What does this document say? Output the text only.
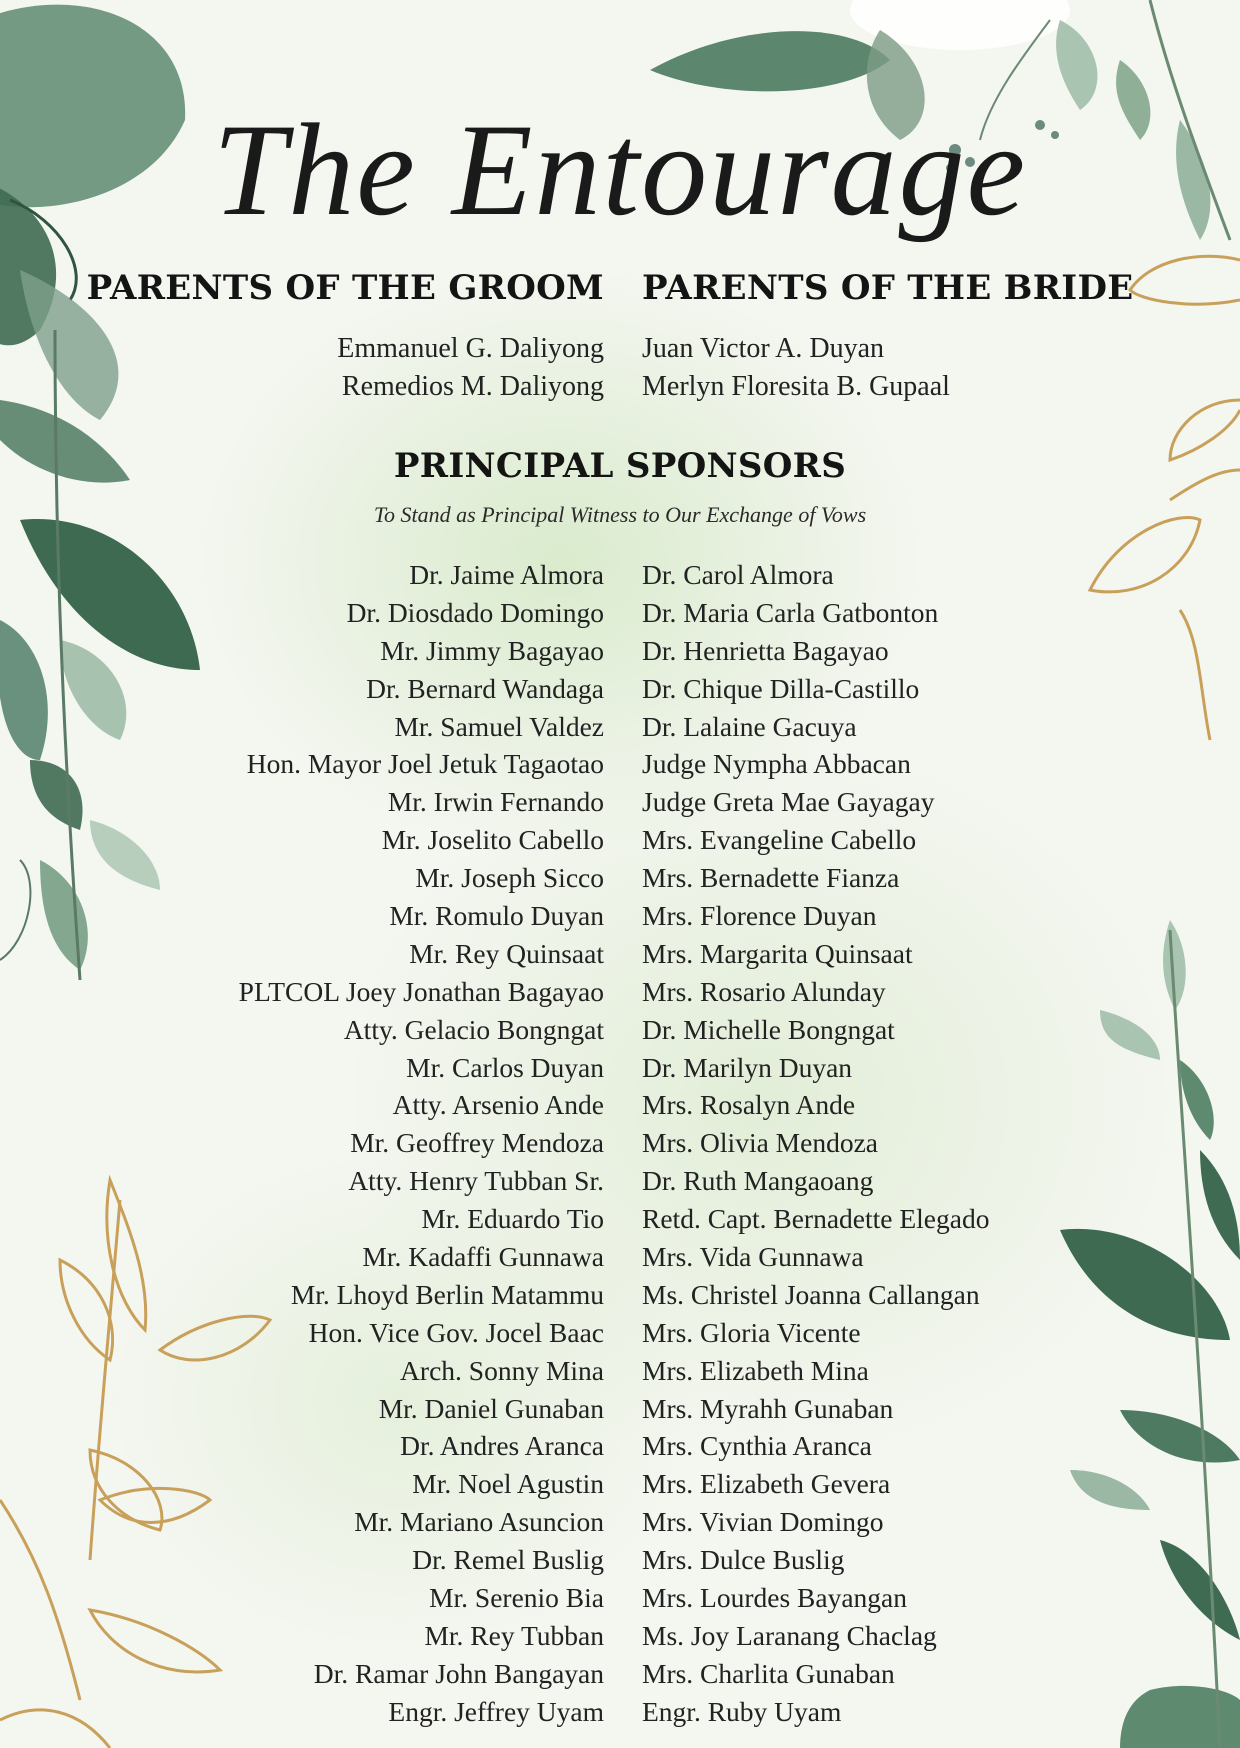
The Entourage
PARENTS OF THE GROOM PARENTS OF THE BRIDE
Emmanuel G. Daliyong
Remedios M. Daliyong
Juan Victor A. Duyan
Merlyn Floresita B. Gupaal
PRINCIPAL SPONSORS
To Stand as Principal Witness to Our Exchange of Vows
Dr. Jaime Almora
Dr. Diosdado Domingo
Mr. Jimmy Bagayao
Dr. Bernard Wandaga
Mr. Samuel Valdez
Hon. Mayor Joel Jetuk Tagaotao
Mr. Irwin Fernando
Mr. Joselito Cabello
Mr. Joseph Sicco
Mr. Romulo Duyan
Mr. Rey Quinsaat
PLTCOL Joey Jonathan Bagayao
Atty. Gelacio Bongngat
Mr. Carlos Duyan
Atty. Arsenio Ande
Mr. Geoffrey Mendoza
Atty. Henry Tubban Sr.
Mr. Eduardo Tio
Mr. Kadaffi Gunnawa
Mr. Lhoyd Berlin Matammu
Hon. Vice Gov. Jocel Baac
Arch. Sonny Mina
Mr. Daniel Gunaban
Dr. Andres Aranca
Mr. Noel Agustin
Mr. Mariano Asuncion
Dr. Remel Buslig
Mr. Serenio Bia
Mr. Rey Tubban
Dr. Ramar John Bangayan
Engr. Jeffrey Uyam
Dr. Carol Almora
Dr. Maria Carla Gatbonton
Dr. Henrietta Bagayao
Dr. Chique Dilla-Castillo
Dr. Lalaine Gacuya
Judge Nympha Abbacan
Judge Greta Mae Gayagay
Mrs. Evangeline Cabello
Mrs. Bernadette Fianza
Mrs. Florence Duyan
Mrs. Margarita Quinsaat
Mrs. Rosario Alunday
Dr. Michelle Bongngat
Dr. Marilyn Duyan
Mrs. Rosalyn Ande
Mrs. Olivia Mendoza
Dr. Ruth Mangaoang
Retd. Capt. Bernadette Elegado
Mrs. Vida Gunnawa
Ms. Christel Joanna Callangan
Mrs. Gloria Vicente
Mrs. Elizabeth Mina
Mrs. Myrahh Gunaban
Mrs. Cynthia Aranca
Mrs. Elizabeth Gevera
Mrs. Vivian Domingo
Mrs. Dulce Buslig
Mrs. Lourdes Bayangan
Ms. Joy Laranang Chaclag
Mrs. Charlita Gunaban
Engr. Ruby Uyam
